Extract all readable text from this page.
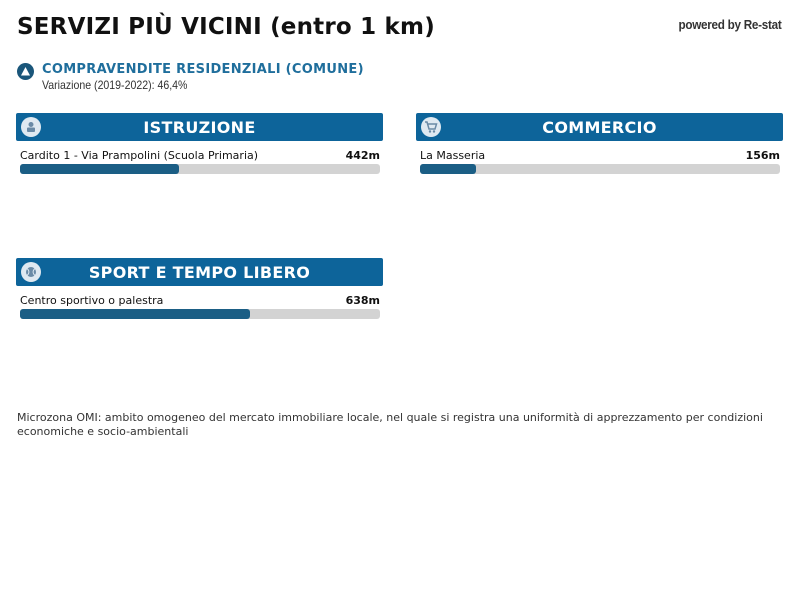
SERVIZI PIÙ VICINI (entro 1 km)	powered by Re-stat
COMPRAVENDITE RESIDENZIALI (COMUNE)
Variazione (2019-2022): 46,4%
ISTRUZIONE
Cardito 1 - Via Prampolini (Scuola Primaria)	442m
COMMERCIO
La Masseria	156m
SPORT E TEMPO LIBERO
Centro sportivo o palestra	638m
Microzona OMI: ambito omogeneo del mercato immobiliare locale, nel quale si registra una uniformità di apprezzamento per condizioni economiche e socio-ambientali
